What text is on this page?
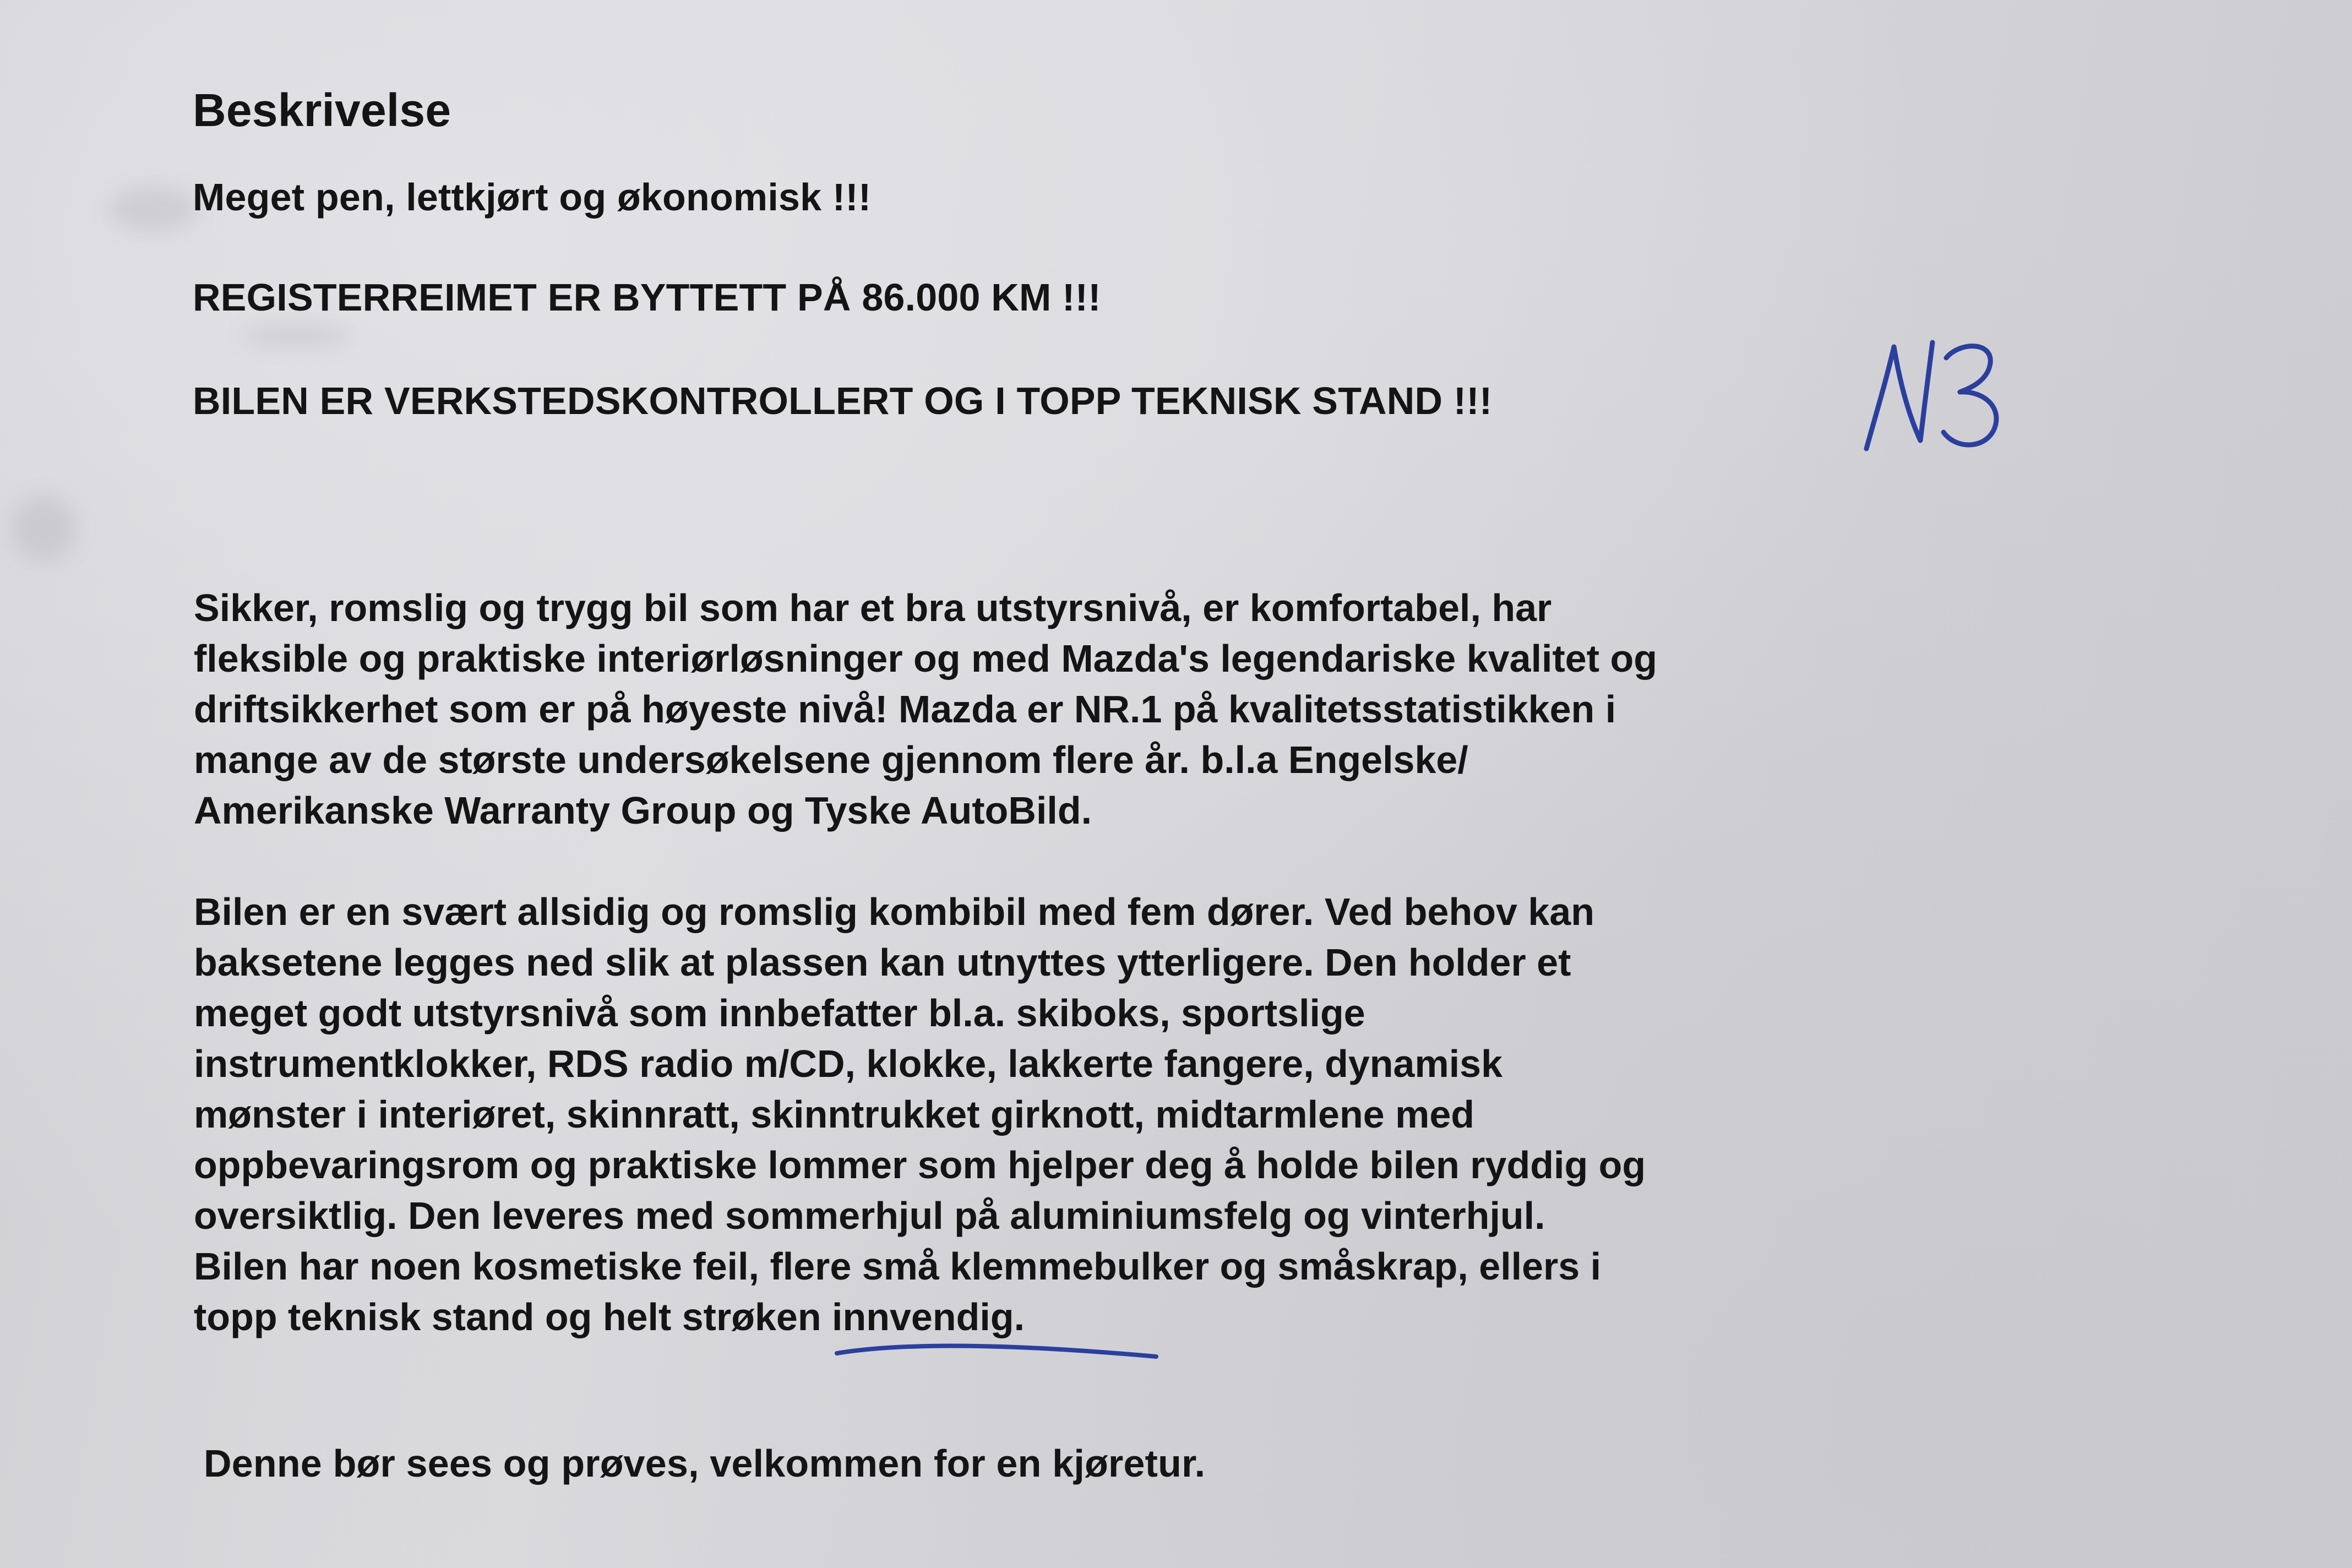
Beskrivelse
Meget pen, lettkjørt og økonomisk !!!
REGISTERREIMET ER BYTTETT PÅ 86.000 KM !!!
BILEN ER VERKSTEDSKONTROLLERT OG I TOPP TEKNISK STAND !!!
Sikker, romslig og trygg bil som har et bra utstyrsnivå, er komfortabel, har
fleksible og praktiske interiørløsninger og med Mazda's legendariske kvalitet og
driftsikkerhet som er på høyeste nivå! Mazda er NR.1 på kvalitetsstatistikken i
mange av de største undersøkelsene gjennom flere år. b.l.a Engelske/
Amerikanske Warranty Group og Tyske AutoBild.
Bilen er en svært allsidig og romslig kombibil med fem dører. Ved behov kan
baksetene legges ned slik at plassen kan utnyttes ytterligere. Den holder et
meget godt utstyrsnivå som innbefatter bl.a. skiboks, sportslige
instrumentklokker, RDS radio m/CD, klokke, lakkerte fangere, dynamisk
mønster i interiøret, skinnratt, skinntrukket girknott, midtarmlene med
oppbevaringsrom og praktiske lommer som hjelper deg å holde bilen ryddig og
oversiktlig. Den leveres med sommerhjul på aluminiumsfelg og vinterhjul.
Bilen har noen kosmetiske feil, flere små klemmebulker og småskrap, ellers i
topp teknisk stand og helt strøken innvendig.
Denne bør sees og prøves, velkommen for en kjøretur.
